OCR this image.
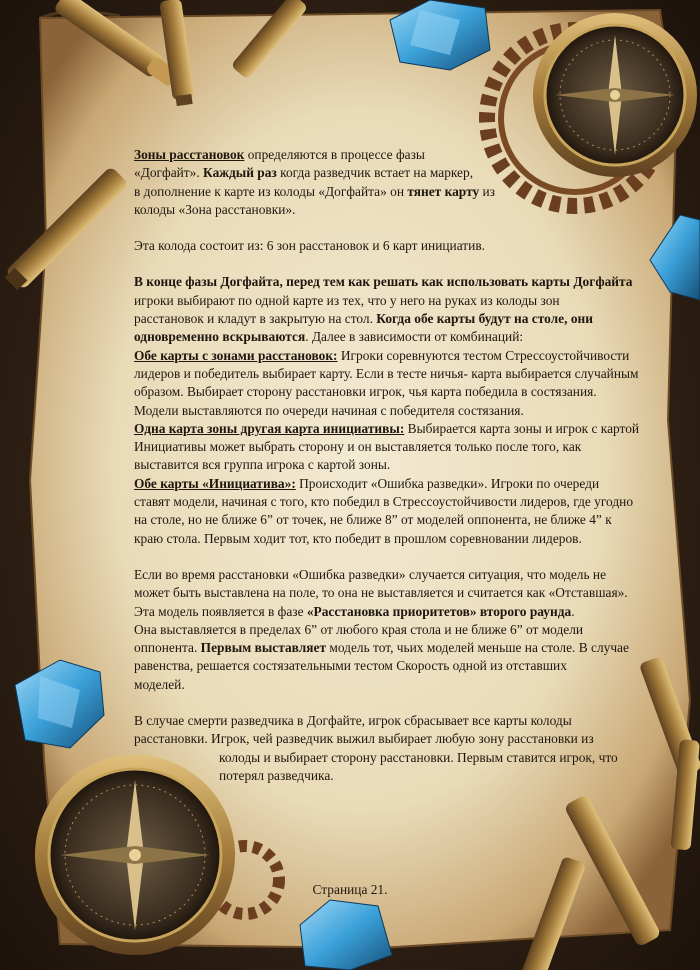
Зоны расстановок определяются в процессе фазы
«Догфайт». Каждый раз когда разведчик встает на маркер,
в дополнение к карте из колоды «Догфайта» он тянет карту из
колоды «Зона расстановки».

Эта колода состоит из: 6 зон расстановок и 6 карт инициатив.

В конце фазы Догфайта, перед тем как решать как использовать карты Догфайта
игроки выбирают по одной карте из тех, что у него на руках из колоды зон
расстановок и кладут в закрытую на стол. Когда обе карты будут на столе, они
одновременно вскрываются. Далее в зависимости от комбинаций:
Обе карты с зонами расстановок: Игроки соревнуются тестом Стрессоустойчивости
лидеров и победитель выбирает карту. Если в тесте ничья- карта выбирается случайным
образом. Выбирает сторону расстановки игрок, чья карта победила в состязания.
Модели выставляются по очереди начиная с победителя состязания.
Одна карта зоны другая карта инициативы: Выбирается карта зоны и игрок с картой
Инициативы может выбрать сторону и он выставляется только после того, как
выставится вся группа игрока с картой зоны.
Обе карты «Инициатива»: Происходит «Ошибка разведки». Игроки по очереди
ставят модели, начиная с того, кто победил в Стрессоустойчивости лидеров, где угодно
на столе, но не ближе 6” от точек, не ближе 8” от моделей оппонента, не ближе 4” к
краю стола. Первым ходит тот, кто победит в прошлом соревновании лидеров.

Если во время расстановки «Ошибка разведки» случается ситуация, что модель не
может быть выставлена на поле, то она не выставляется и считается как «Отставшая».
Эта модель появляется в фазе «Расстановка приоритетов» второго раунда.
Она выставляется в пределах 6” от любого края стола и не ближе 6” от модели
оппонента. Первым выставляет модель тот, чьих моделей меньше на столе. В случае
равенства, решается состязательными тестом Скорость одной из отставших
моделей.

В случае смерти разведчика в Догфайте, игрок сбрасывает все карты колоды
расстановки. Игрок, чей разведчик выжил выбирает любую зону расстановки из
колоды и выбирает сторону расстановки. Первым ставится игрок, что
потерял разведчика.

Страница 21.
